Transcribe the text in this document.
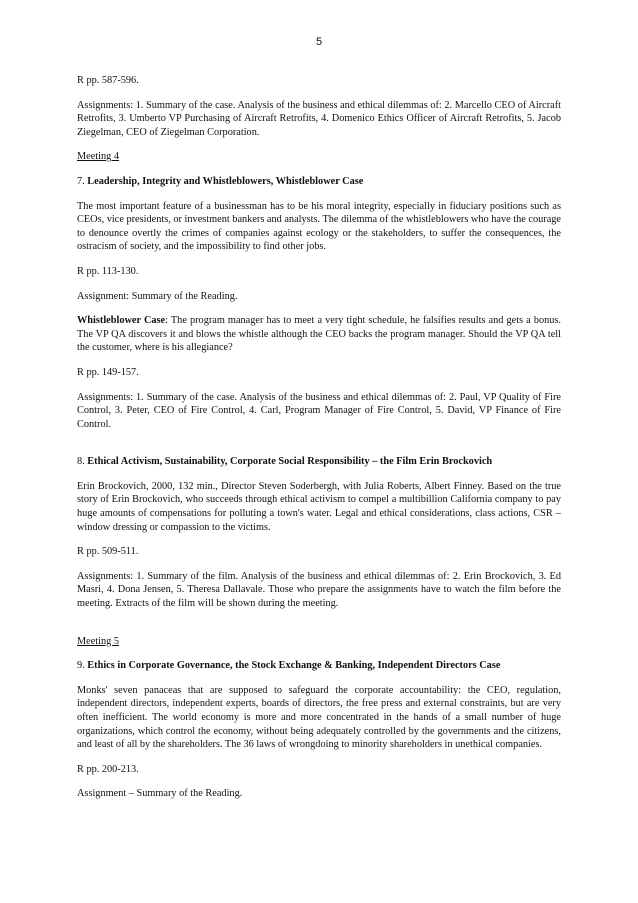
5

R pp. 587-596.

Assignments: 1. Summary of the case. Analysis of the business and ethical dilemmas of: 2. Marcello CEO of Aircraft Retrofits, 3. Umberto VP Purchasing of Aircraft Retrofits, 4. Domenico Ethics Officer of Aircraft Retrofits, 5. Jacob Ziegelman, CEO of Ziegelman Corporation.

Meeting 4

7. Leadership, Integrity and Whistleblowers, Whistleblower Case

The most important feature of a businessman has to be his moral integrity, especially in fiduciary positions such as CEOs, vice presidents, or investment bankers and analysts. The dilemma of the whistleblowers who have the courage to denounce overtly the crimes of companies against ecology or the stakeholders, to suffer the consequences, the ostracism of society, and the impossibility to find other jobs.

R pp. 113-130.

Assignment: Summary of the Reading.

Whistleblower Case: The program manager has to meet a very tight schedule, he falsifies results and gets a bonus. The VP QA discovers it and blows the whistle although the CEO backs the program manager. Should the VP QA tell the customer, where is his allegiance?

R pp. 149-157.

Assignments: 1. Summary of the case. Analysis of the business and ethical dilemmas of: 2. Paul, VP Quality of Fire Control, 3. Peter, CEO of Fire Control, 4. Carl, Program Manager of Fire Control, 5. David, VP Finance of Fire Control.

8. Ethical Activism, Sustainability, Corporate Social Responsibility – the Film Erin Brockovich

Erin Brockovich, 2000, 132 min., Director Steven Soderbergh, with Julia Roberts, Albert Finney. Based on the true story of Erin Brockovich, who succeeds through ethical activism to compel a multibillion California company to pay huge amounts of compensations for polluting a town's water. Legal and ethical considerations, class actions, CSR – window dressing or compassion to the victims.

R pp. 509-511.

Assignments: 1. Summary of the film. Analysis of the business and ethical dilemmas of: 2. Erin Brockovich, 3. Ed Masri, 4. Dona Jensen, 5. Theresa Dallavale. Those who prepare the assignments have to watch the film before the meeting. Extracts of the film will be shown during the meeting.

Meeting 5

9. Ethics in Corporate Governance, the Stock Exchange & Banking, Independent Directors Case

Monks' seven panaceas that are supposed to safeguard the corporate accountability: the CEO, regulation, independent directors, independent experts, boards of directors, the free press and external constraints, but are very often inefficient. The world economy is more and more concentrated in the hands of a small number of huge organizations, which control the economy, without being adequately controlled by the governments and the citizens, and least of all by the shareholders. The 36 laws of wrongdoing to minority shareholders in unethical companies.

R pp. 200-213.

Assignment – Summary of the Reading.
